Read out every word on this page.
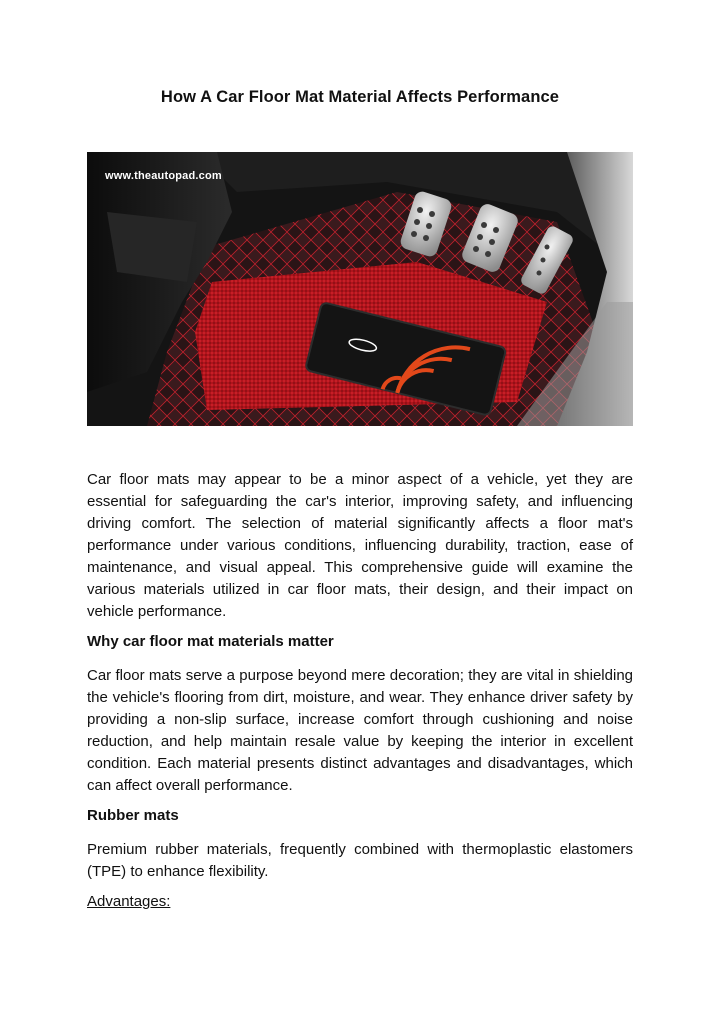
How A Car Floor Mat Material Affects Performance
www.theautopad.com

Car floor mats may appear to be a minor aspect of a vehicle, yet they are essential for safeguarding the car's interior, improving safety, and influencing driving comfort. The selection of material significantly affects a floor mat's performance under various conditions, influencing durability, traction, ease of maintenance, and visual appeal. This comprehensive guide will examine the various materials utilized in car floor mats, their design, and their impact on vehicle performance.

Why car floor mat materials matter

Car floor mats serve a purpose beyond mere decoration; they are vital in shielding the vehicle's flooring from dirt, moisture, and wear. They enhance driver safety by providing a non-slip surface, increase comfort through cushioning and noise reduction, and help maintain resale value by keeping the interior in excellent condition. Each material presents distinct advantages and disadvantages, which can affect overall performance.

Rubber mats

Premium rubber materials, frequently combined with thermoplastic elastomers (TPE) to enhance flexibility.

Advantages:
